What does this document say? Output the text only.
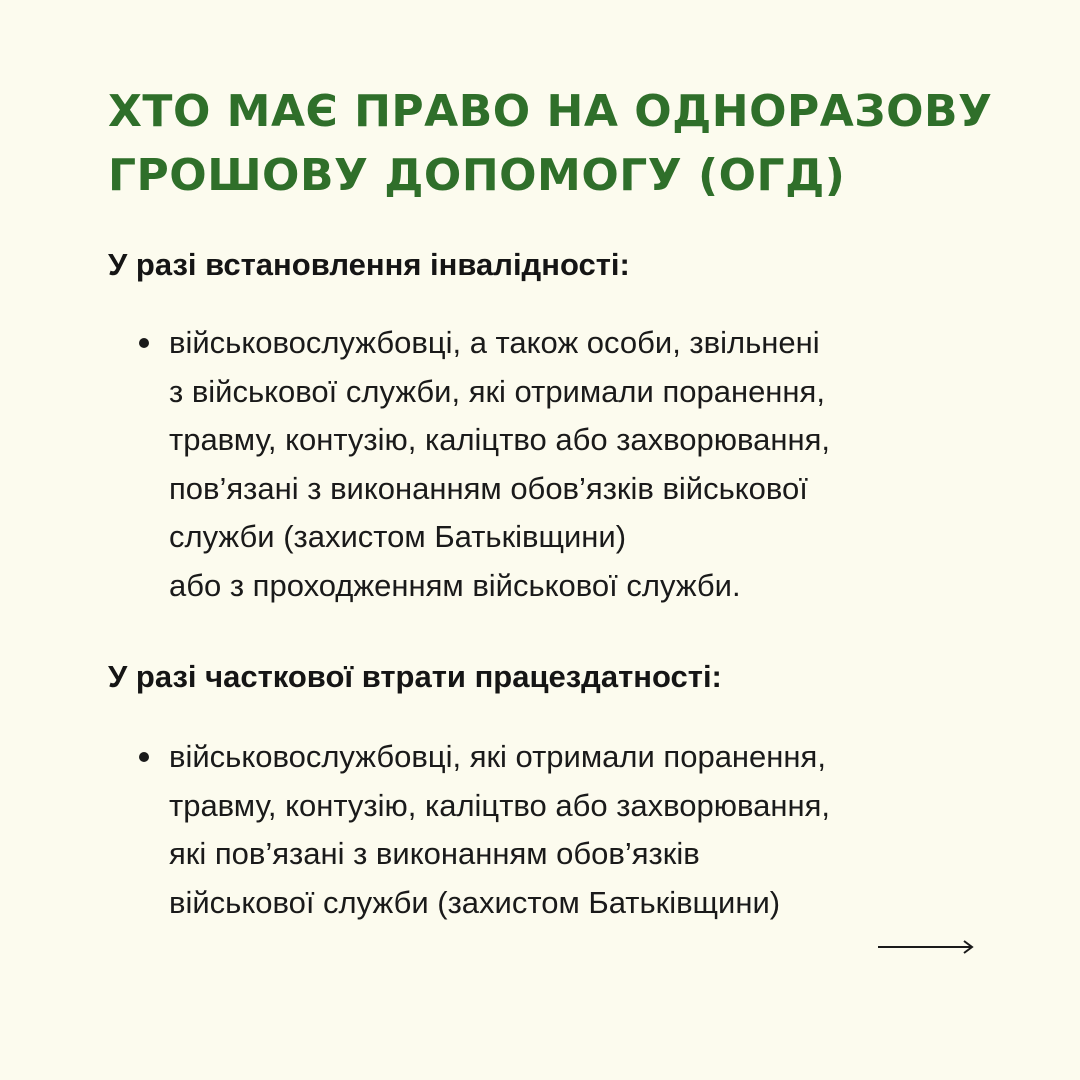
ХТО МАЄ ПРАВО НА ОДНОРАЗОВУ
ГРОШОВУ ДОПОМОГУ (ОГД)
У разі встановлення інвалідності:
військовослужбовці, а також особи, звільнені
з військової служби, які отримали поранення,
травму, контузію, каліцтво або захворювання,
пов’язані з виконанням обов’язків військової
служби (захистом Батьківщини)
або з проходженням військової служби.
У разі часткової втрати працездатності:
військовослужбовці, які отримали поранення,
травму, контузію, каліцтво або захворювання,
які пов’язані з виконанням обов’язків
військової служби (захистом Батьківщини)
